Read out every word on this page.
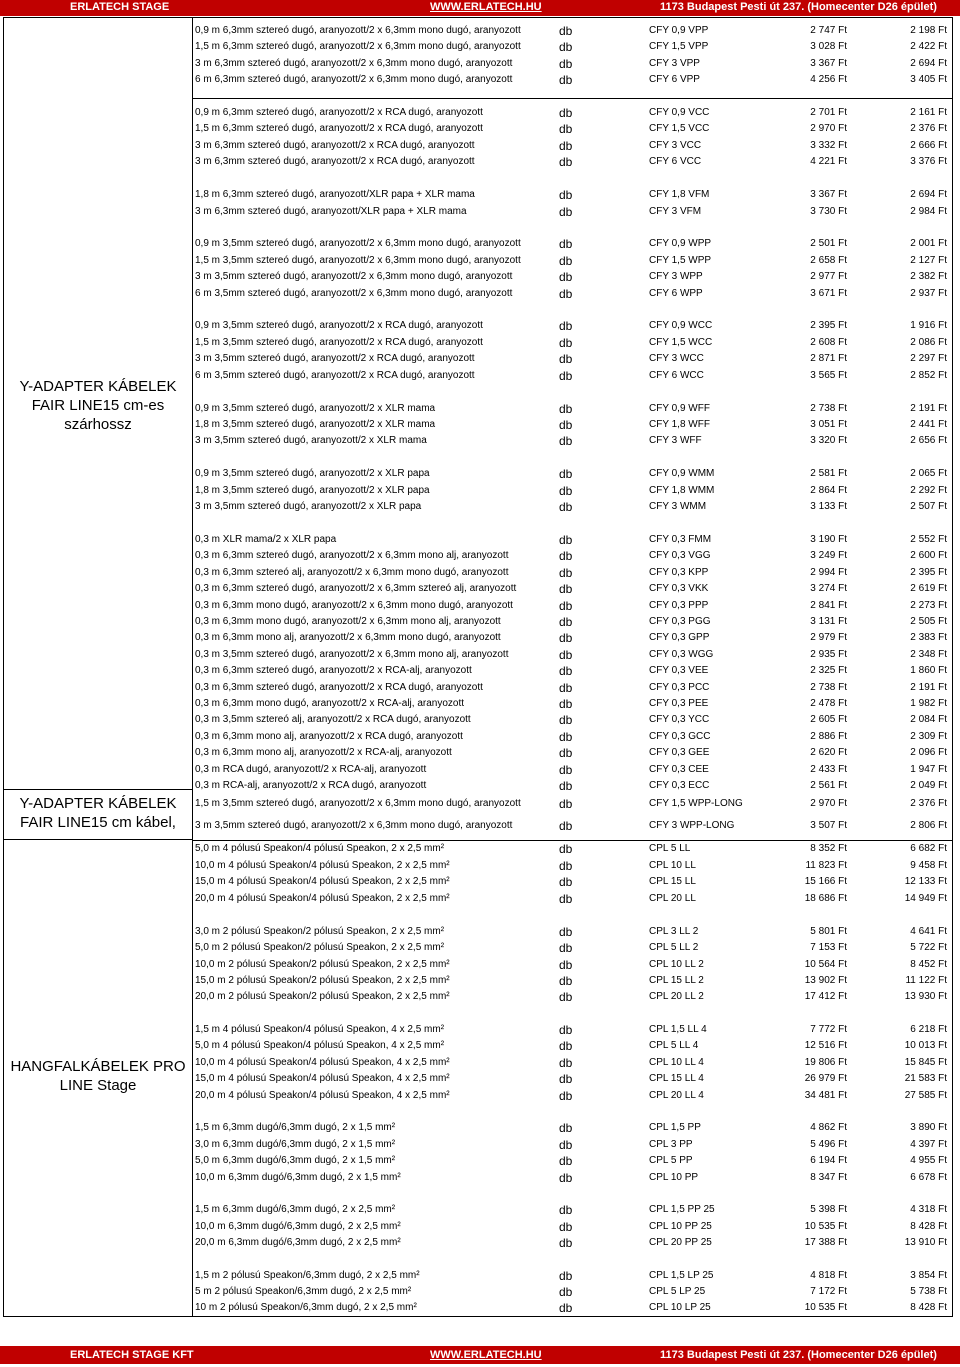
ERLATECH STAGE	WWW.ERLATECH.HU	1173 Budapest Pesti út 237. (Homecenter D26 épület)
Y-ADAPTER KÁBELEK FAIR LINE15 cm-es szárhossz
Y-ADAPTER KÁBELEK FAIR LINE15 cm kábel,
HANGFALKÁBELEK PRO LINE Stage
0,9 m 6,3mm sztereó dugó, aranyozott/2 x 6,3mm mono dugó, aranyozott	db	CFY 0,9 VPP	2 747 Ft	2 198 Ft
1,5 m 6,3mm sztereó dugó, aranyozott/2 x 6,3mm mono dugó, aranyozott	db	CFY 1,5 VPP	3 028 Ft	2 422 Ft
3 m 6,3mm sztereó dugó, aranyozott/2 x 6,3mm mono dugó, aranyozott	db	CFY 3 VPP	3 367 Ft	2 694 Ft
6 m 6,3mm sztereó dugó, aranyozott/2 x 6,3mm mono dugó, aranyozott	db	CFY 6 VPP	4 256 Ft	3 405 Ft
0,9 m 6,3mm sztereó dugó, aranyozott/2 x RCA dugó, aranyozott	db	CFY 0,9 VCC	2 701 Ft	2 161 Ft
1,5 m 6,3mm sztereó dugó, aranyozott/2 x RCA dugó, aranyozott	db	CFY 1,5 VCC	2 970 Ft	2 376 Ft
3 m 6,3mm sztereó dugó, aranyozott/2 x RCA dugó, aranyozott	db	CFY 3 VCC	3 332 Ft	2 666 Ft
3 m 6,3mm sztereó dugó, aranyozott/2 x RCA dugó, aranyozott	db	CFY 6 VCC	4 221 Ft	3 376 Ft
1,8 m 6,3mm sztereó dugó, aranyozott/XLR papa + XLR mama	db	CFY 1,8 VFM	3 367 Ft	2 694 Ft
3 m 6,3mm sztereó dugó, aranyozott/XLR papa + XLR mama	db	CFY 3 VFM	3 730 Ft	2 984 Ft
0,9 m 3,5mm sztereó dugó, aranyozott/2 x 6,3mm mono dugó, aranyozott	db	CFY 0,9 WPP	2 501 Ft	2 001 Ft
1,5 m 3,5mm sztereó dugó, aranyozott/2 x 6,3mm mono dugó, aranyozott	db	CFY 1,5 WPP	2 658 Ft	2 127 Ft
3 m 3,5mm sztereó dugó, aranyozott/2 x 6,3mm mono dugó, aranyozott	db	CFY 3 WPP	2 977 Ft	2 382 Ft
6 m 3,5mm sztereó dugó, aranyozott/2 x 6,3mm mono dugó, aranyozott	db	CFY 6 WPP	3 671 Ft	2 937 Ft
0,9 m 3,5mm sztereó dugó, aranyozott/2 x RCA dugó, aranyozott	db	CFY 0,9 WCC	2 395 Ft	1 916 Ft
1,5 m 3,5mm sztereó dugó, aranyozott/2 x RCA dugó, aranyozott	db	CFY 1,5 WCC	2 608 Ft	2 086 Ft
3 m 3,5mm sztereó dugó, aranyozott/2 x RCA dugó, aranyozott	db	CFY 3 WCC	2 871 Ft	2 297 Ft
6 m 3,5mm sztereó dugó, aranyozott/2 x RCA dugó, aranyozott	db	CFY 6 WCC	3 565 Ft	2 852 Ft
0,9 m 3,5mm sztereó dugó, aranyozott/2 x XLR mama	db	CFY 0,9 WFF	2 738 Ft	2 191 Ft
1,8 m 3,5mm sztereó dugó, aranyozott/2 x XLR mama	db	CFY 1,8 WFF	3 051 Ft	2 441 Ft
3 m 3,5mm sztereó dugó, aranyozott/2 x XLR mama	db	CFY 3 WFF	3 320 Ft	2 656 Ft
0,9 m 3,5mm sztereó dugó, aranyozott/2 x XLR papa	db	CFY 0,9 WMM	2 581 Ft	2 065 Ft
1,8 m 3,5mm sztereó dugó, aranyozott/2 x XLR papa	db	CFY 1,8 WMM	2 864 Ft	2 292 Ft
3 m 3,5mm sztereó dugó, aranyozott/2 x XLR papa	db	CFY 3 WMM	3 133 Ft	2 507 Ft
0,3 m XLR mama/2 x XLR papa	db	CFY 0,3 FMM	3 190 Ft	2 552 Ft
0,3 m 6,3mm sztereó dugó, aranyozott/2 x 6,3mm mono alj, aranyozott	db	CFY 0,3 VGG	3 249 Ft	2 600 Ft
0,3 m 6,3mm sztereó alj, aranyozott/2 x 6,3mm mono dugó, aranyozott	db	CFY 0,3 KPP	2 994 Ft	2 395 Ft
0,3 m 6,3mm sztereó dugó, aranyozott/2 x 6,3mm sztereó alj, aranyozott	db	CFY 0,3 VKK	3 274 Ft	2 619 Ft
0,3 m 6,3mm mono dugó, aranyozott/2 x 6,3mm mono dugó, aranyozott	db	CFY 0,3 PPP	2 841 Ft	2 273 Ft
0,3 m 6,3mm mono dugó, aranyozott/2 x 6,3mm mono alj, aranyozott	db	CFY 0,3 PGG	3 131 Ft	2 505 Ft
0,3 m 6,3mm mono alj, aranyozott/2 x 6,3mm mono dugó, aranyozott	db	CFY 0,3 GPP	2 979 Ft	2 383 Ft
0,3 m 3,5mm sztereó dugó, aranyozott/2 x 6,3mm mono alj, aranyozott	db	CFY 0,3 WGG	2 935 Ft	2 348 Ft
0,3 m 6,3mm sztereó dugó, aranyozott/2 x RCA-alj, aranyozott	db	CFY 0,3 VEE	2 325 Ft	1 860 Ft
0,3 m 6,3mm sztereó dugó, aranyozott/2 x RCA dugó, aranyozott	db	CFY 0,3 PCC	2 738 Ft	2 191 Ft
0,3 m 6,3mm mono dugó, aranyozott/2 x RCA-alj, aranyozott	db	CFY 0,3 PEE	2 478 Ft	1 982 Ft
0,3 m 3,5mm sztereó alj, aranyozott/2 x RCA dugó, aranyozott	db	CFY 0,3 YCC	2 605 Ft	2 084 Ft
0,3 m 6,3mm mono alj, aranyozott/2 x RCA dugó, aranyozott	db	CFY 0,3 GCC	2 886 Ft	2 309 Ft
0,3 m 6,3mm mono alj, aranyozott/2 x RCA-alj, aranyozott	db	CFY 0,3 GEE	2 620 Ft	2 096 Ft
0,3 m RCA dugó, aranyozott/2 x RCA-alj, aranyozott	db	CFY 0,3 CEE	2 433 Ft	1 947 Ft
0,3 m RCA-alj, aranyozott/2 x RCA dugó, aranyozott	db	CFY 0,3 ECC	2 561 Ft	2 049 Ft
1,5 m 3,5mm sztereó dugó, aranyozott/2 x 6,3mm mono dugó, aranyozott	db	CFY 1,5 WPP-LONG	2 970 Ft	2 376 Ft
3 m 3,5mm sztereó dugó, aranyozott/2 x 6,3mm mono dugó, aranyozott	db	CFY 3 WPP-LONG	3 507 Ft	2 806 Ft
5,0 m 4 pólusú Speakon/4 pólusú Speakon, 2 x 2,5 mm²	db	CPL 5 LL	8 352 Ft	6 682 Ft
10,0 m 4 pólusú Speakon/4 pólusú Speakon, 2 x 2,5 mm²	db	CPL 10 LL	11 823 Ft	9 458 Ft
15,0 m 4 pólusú Speakon/4 pólusú Speakon, 2 x 2,5 mm²	db	CPL 15 LL	15 166 Ft	12 133 Ft
20,0 m 4 pólusú Speakon/4 pólusú Speakon, 2 x 2,5 mm²	db	CPL 20 LL	18 686 Ft	14 949 Ft
3,0 m 2 pólusú Speakon/2 pólusú Speakon, 2 x 2,5 mm²	db	CPL 3 LL 2	5 801 Ft	4 641 Ft
5,0 m 2 pólusú Speakon/2 pólusú Speakon, 2 x 2,5 mm²	db	CPL 5 LL 2	7 153 Ft	5 722 Ft
10,0 m 2 pólusú Speakon/2 pólusú Speakon, 2 x 2,5 mm²	db	CPL 10 LL 2	10 564 Ft	8 452 Ft
15,0 m 2 pólusú Speakon/2 pólusú Speakon, 2 x 2,5 mm²	db	CPL 15 LL 2	13 902 Ft	11 122 Ft
20,0 m 2 pólusú Speakon/2 pólusú Speakon, 2 x 2,5 mm²	db	CPL 20 LL 2	17 412 Ft	13 930 Ft
1,5 m 4 pólusú Speakon/4 pólusú Speakon, 4 x 2,5 mm²	db	CPL 1,5 LL 4	7 772 Ft	6 218 Ft
5,0 m 4 pólusú Speakon/4 pólusú Speakon, 4 x 2,5 mm²	db	CPL 5 LL 4	12 516 Ft	10 013 Ft
10,0 m 4 pólusú Speakon/4 pólusú Speakon, 4 x 2,5 mm²	db	CPL 10 LL 4	19 806 Ft	15 845 Ft
15,0 m 4 pólusú Speakon/4 pólusú Speakon, 4 x 2,5 mm²	db	CPL 15 LL 4	26 979 Ft	21 583 Ft
20,0 m 4 pólusú Speakon/4 pólusú Speakon, 4 x 2,5 mm²	db	CPL 20 LL 4	34 481 Ft	27 585 Ft
1,5 m 6,3mm dugó/6,3mm dugó, 2 x 1,5 mm²	db	CPL 1,5 PP	4 862 Ft	3 890 Ft
3,0 m 6,3mm dugó/6,3mm dugó, 2 x 1,5 mm²	db	CPL 3 PP	5 496 Ft	4 397 Ft
5,0 m 6,3mm dugó/6,3mm dugó, 2 x 1,5 mm²	db	CPL 5 PP	6 194 Ft	4 955 Ft
10,0 m 6,3mm dugó/6,3mm dugó, 2 x 1,5 mm²	db	CPL 10 PP	8 347 Ft	6 678 Ft
1,5 m 6,3mm dugó/6,3mm dugó, 2 x 2,5 mm²	db	CPL 1,5 PP 25	5 398 Ft	4 318 Ft
10,0 m 6,3mm dugó/6,3mm dugó, 2 x 2,5 mm²	db	CPL 10 PP 25	10 535 Ft	8 428 Ft
20,0 m 6,3mm dugó/6,3mm dugó, 2 x 2,5 mm²	db	CPL 20 PP 25	17 388 Ft	13 910 Ft
1,5 m 2 pólusú Speakon/6,3mm dugó, 2 x 2,5 mm²	db	CPL 1,5 LP 25	4 818 Ft	3 854 Ft
5 m 2 pólusú Speakon/6,3mm dugó, 2 x 2,5 mm²	db	CPL 5 LP 25	7 172 Ft	5 738 Ft
10 m 2 pólusú Speakon/6,3mm dugó, 2 x 2,5 mm²	db	CPL 10 LP 25	10 535 Ft	8 428 Ft
ERLATECH STAGE KFT	WWW.ERLATECH.HU	1173 Budapest Pesti út 237. (Homecenter D26 épület)
